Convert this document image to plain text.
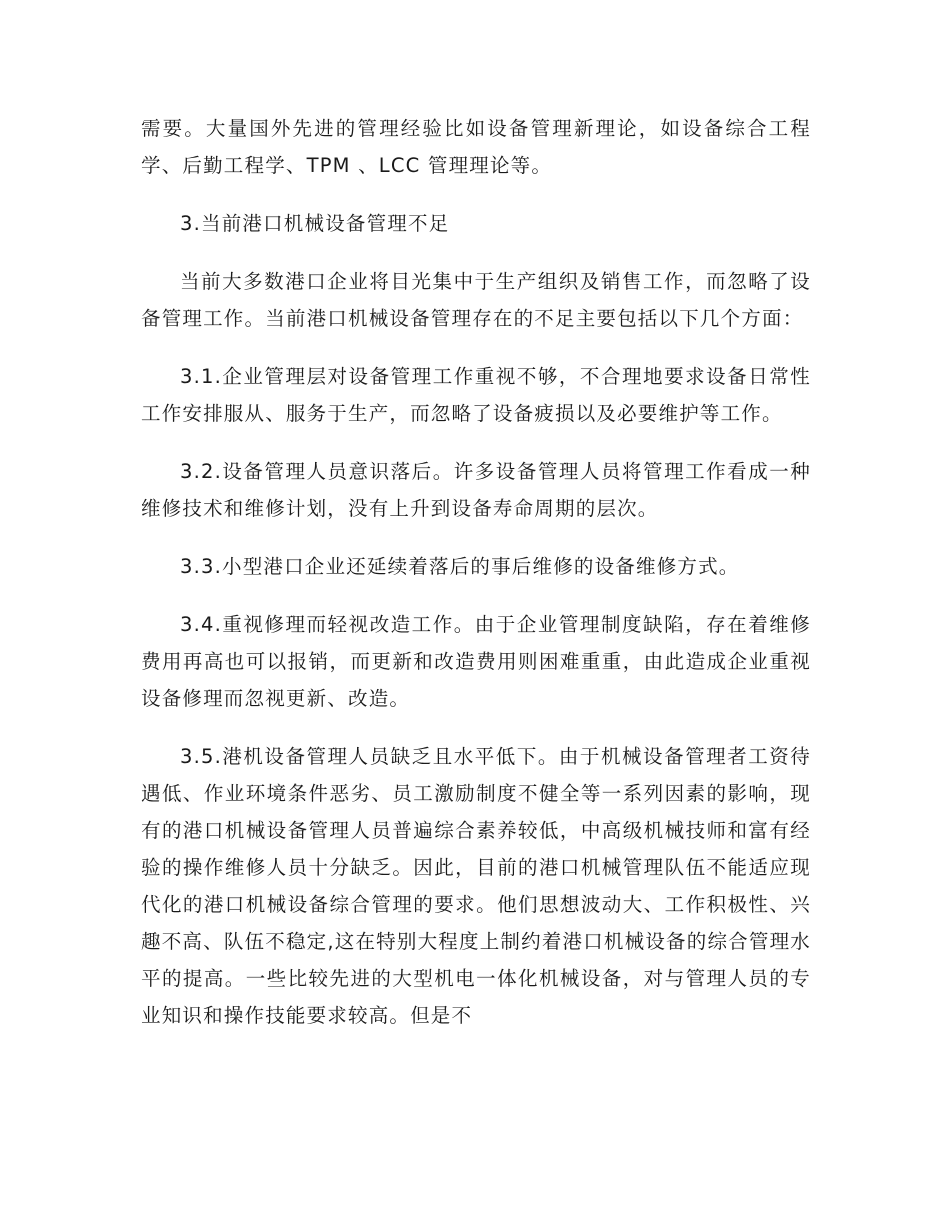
需要。大量国外先进的管理经验比如设备管理新理论，如设备综合工程学、后勤工程学、TPM 、LCC 管理理论等。

3.当前港口机械设备管理不足

当前大多数港口企业将目光集中于生产组织及销售工作，而忽略了设备管理工作。当前港口机械设备管理存在的不足主要包括以下几个方面：

3.1.企业管理层对设备管理工作重视不够，不合理地要求设备日常性工作安排服从、服务于生产，而忽略了设备疲损以及必要维护等工作。

3.2.设备管理人员意识落后。许多设备管理人员将管理工作看成一种维修技术和维修计划，没有上升到设备寿命周期的层次。

3.3.小型港口企业还延续着落后的事后维修的设备维修方式。

3.4.重视修理而轻视改造工作。由于企业管理制度缺陷，存在着维修费用再高也可以报销，而更新和改造费用则困难重重，由此造成企业重视设备修理而忽视更新、改造。

3.5.港机设备管理人员缺乏且水平低下。由于机械设备管理者工资待遇低、作业环境条件恶劣、员工激励制度不健全等一系列因素的影响，现有的港口机械设备管理人员普遍综合素养较低，中高级机械技师和富有经验的操作维修人员十分缺乏。因此，目前的港口机械管理队伍不能适应现代化的港口机械设备综合管理的要求。他们思想波动大、工作积极性、兴趣不高、队伍不稳定,这在特别大程度上制约着港口机械设备的综合管理水平的提高。一些比较先进的大型机电一体化机械设备，对与管理人员的专业知识和操作技能要求较高。但是不
